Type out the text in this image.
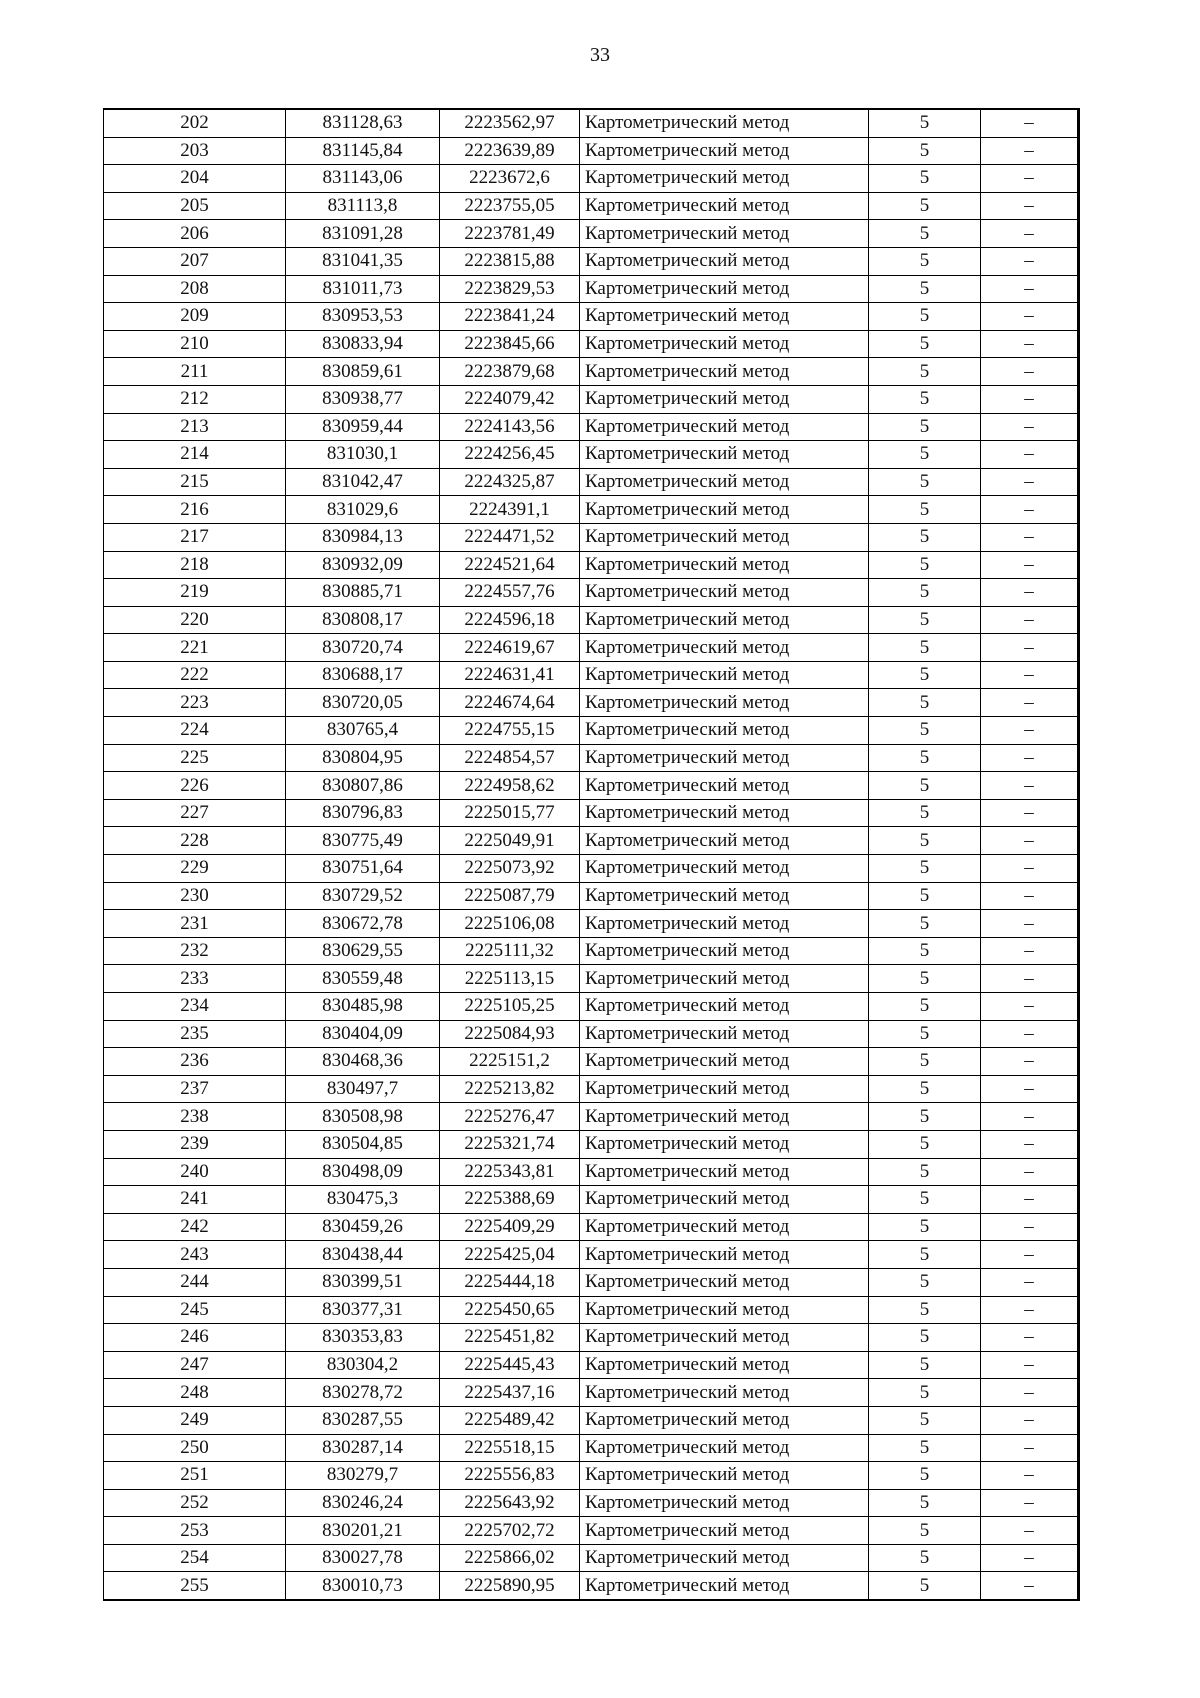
33
202	831128,63	2223562,97	Картометрический метод	5	–
203	831145,84	2223639,89	Картометрический метод	5	–
204	831143,06	2223672,6	Картометрический метод	5	–
205	831113,8	2223755,05	Картометрический метод	5	–
206	831091,28	2223781,49	Картометрический метод	5	–
207	831041,35	2223815,88	Картометрический метод	5	–
208	831011,73	2223829,53	Картометрический метод	5	–
209	830953,53	2223841,24	Картометрический метод	5	–
210	830833,94	2223845,66	Картометрический метод	5	–
211	830859,61	2223879,68	Картометрический метод	5	–
212	830938,77	2224079,42	Картометрический метод	5	–
213	830959,44	2224143,56	Картометрический метод	5	–
214	831030,1	2224256,45	Картометрический метод	5	–
215	831042,47	2224325,87	Картометрический метод	5	–
216	831029,6	2224391,1	Картометрический метод	5	–
217	830984,13	2224471,52	Картометрический метод	5	–
218	830932,09	2224521,64	Картометрический метод	5	–
219	830885,71	2224557,76	Картометрический метод	5	–
220	830808,17	2224596,18	Картометрический метод	5	–
221	830720,74	2224619,67	Картометрический метод	5	–
222	830688,17	2224631,41	Картометрический метод	5	–
223	830720,05	2224674,64	Картометрический метод	5	–
224	830765,4	2224755,15	Картометрический метод	5	–
225	830804,95	2224854,57	Картометрический метод	5	–
226	830807,86	2224958,62	Картометрический метод	5	–
227	830796,83	2225015,77	Картометрический метод	5	–
228	830775,49	2225049,91	Картометрический метод	5	–
229	830751,64	2225073,92	Картометрический метод	5	–
230	830729,52	2225087,79	Картометрический метод	5	–
231	830672,78	2225106,08	Картометрический метод	5	–
232	830629,55	2225111,32	Картометрический метод	5	–
233	830559,48	2225113,15	Картометрический метод	5	–
234	830485,98	2225105,25	Картометрический метод	5	–
235	830404,09	2225084,93	Картометрический метод	5	–
236	830468,36	2225151,2	Картометрический метод	5	–
237	830497,7	2225213,82	Картометрический метод	5	–
238	830508,98	2225276,47	Картометрический метод	5	–
239	830504,85	2225321,74	Картометрический метод	5	–
240	830498,09	2225343,81	Картометрический метод	5	–
241	830475,3	2225388,69	Картометрический метод	5	–
242	830459,26	2225409,29	Картометрический метод	5	–
243	830438,44	2225425,04	Картометрический метод	5	–
244	830399,51	2225444,18	Картометрический метод	5	–
245	830377,31	2225450,65	Картометрический метод	5	–
246	830353,83	2225451,82	Картометрический метод	5	–
247	830304,2	2225445,43	Картометрический метод	5	–
248	830278,72	2225437,16	Картометрический метод	5	–
249	830287,55	2225489,42	Картометрический метод	5	–
250	830287,14	2225518,15	Картометрический метод	5	–
251	830279,7	2225556,83	Картометрический метод	5	–
252	830246,24	2225643,92	Картометрический метод	5	–
253	830201,21	2225702,72	Картометрический метод	5	–
254	830027,78	2225866,02	Картометрический метод	5	–
255	830010,73	2225890,95	Картометрический метод	5	–
